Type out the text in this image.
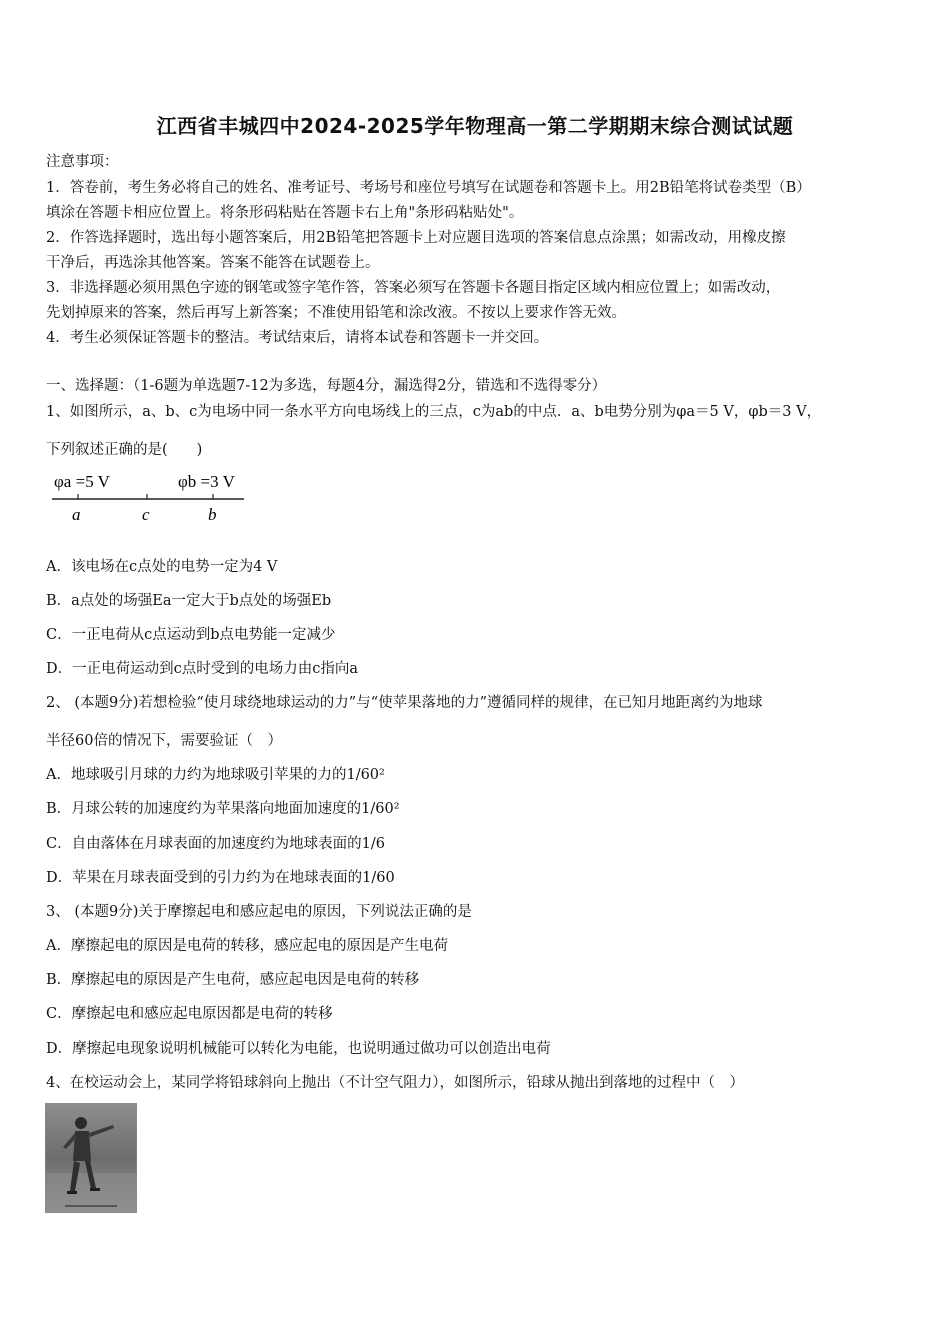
江西省丰城四中2024-2025学年物理高一第二学期期末综合测试试题
注意事项：
1．答卷前，考生务必将自己的姓名、准考证号、考场号和座位号填写在试题卷和答题卡上。用2B铅笔将试卷类型（B）
填涂在答题卡相应位置上。将条形码粘贴在答题卡右上角"条形码粘贴处"。
2．作答选择题时，选出每小题答案后，用2B铅笔把答题卡上对应题目选项的答案信息点涂黑；如需改动，用橡皮擦
干净后，再选涂其他答案。答案不能答在试题卷上。
3．非选择题必须用黑色字迹的钢笔或签字笔作答，答案必须写在答题卡各题目指定区域内相应位置上；如需改动，
先划掉原来的答案，然后再写上新答案；不准使用铅笔和涂改液。不按以上要求作答无效。
4．考生必须保证答题卡的整洁。考试结束后，请将本试卷和答题卡一并交回。
一、选择题：（1-6题为单选题7-12为多选，每题4分，漏选得2分，错选和不选得零分）
1、如图所示，a、b、c为电场中同一条水平方向电场线上的三点，c为ab的中点．a、b电势分别为φa＝5 V，φb＝3 V，
下列叙述正确的是(　　)
φa =5 V	φb =3 V
a	c	b
A．该电场在c点处的电势一定为4 V
B．a点处的场强Ea一定大于b点处的场强Eb
C．一正电荷从c点运动到b点电势能一定减少
D．一正电荷运动到c点时受到的电场力由c指向a
2、 (本题9分)若想检验“使月球绕地球运动的力”与“使苹果落地的力”遵循同样的规律，在已知月地距离约为地球
半径60倍的情况下，需要验证（　）
A．地球吸引月球的力约为地球吸引苹果的力的1/60²
B．月球公转的加速度约为苹果落向地面加速度的1/60²
C．自由落体在月球表面的加速度约为地球表面的1/6
D．苹果在月球表面受到的引力约为在地球表面的1/60
3、 (本题9分)关于摩擦起电和感应起电的原因，下列说法正确的是
A．摩擦起电的原因是电荷的转移，感应起电的原因是产生电荷
B．摩擦起电的原因是产生电荷，感应起电因是电荷的转移
C．摩擦起电和感应起电原因都是电荷的转移
D．摩擦起电现象说明机械能可以转化为电能，也说明通过做功可以创造出电荷
4、在校运动会上，某同学将铅球斜向上抛出（不计空气阻力），如图所示，铅球从抛出到落地的过程中（　）
